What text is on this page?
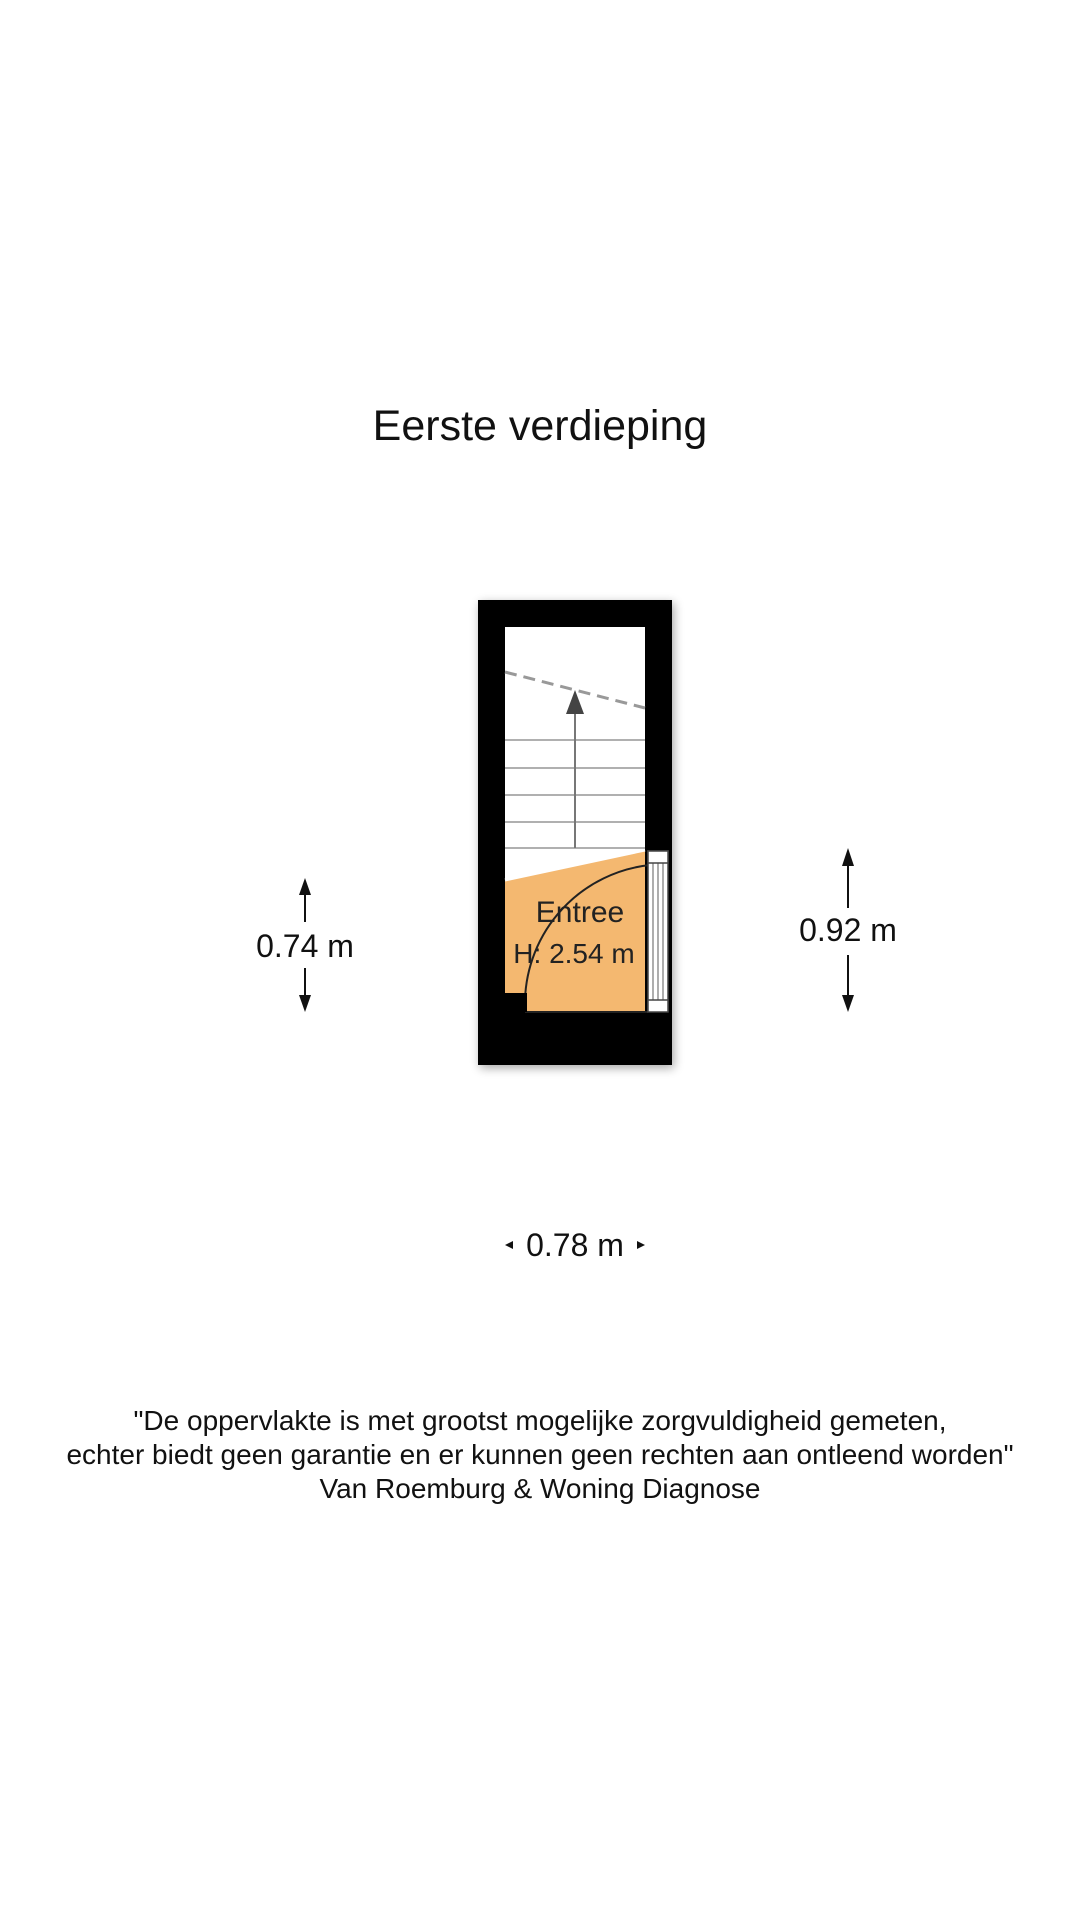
Eerste verdieping
Entree
H: 2.54 m
0.74 m	0.92 m
0.78 m
"De oppervlakte is met grootst mogelijke zorgvuldigheid gemeten,
echter biedt geen garantie en er kunnen geen rechten aan ontleend worden"
Van Roemburg & Woning Diagnose
